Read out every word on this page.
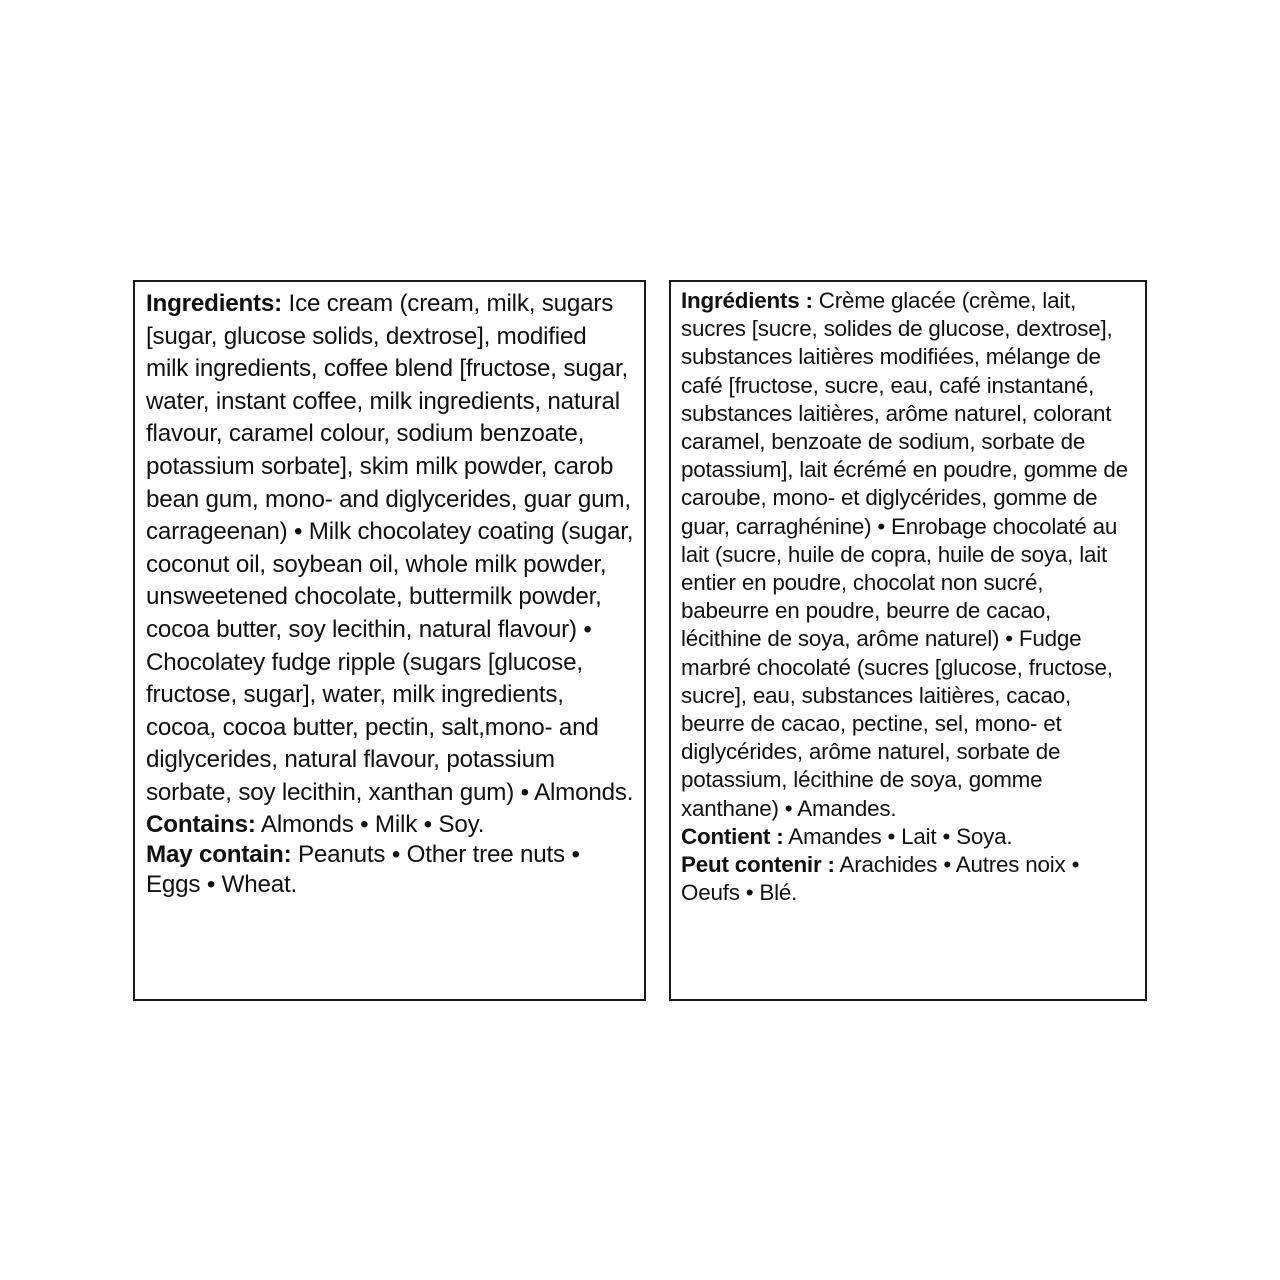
Ingredients: Ice cream (cream, milk, sugars [sugar, glucose solids, dextrose], modified milk ingredients, coffee blend [fructose, sugar, water, instant coffee, milk ingredients, natural flavour, caramel colour, sodium benzoate, potassium sorbate], skim milk powder, carob bean gum, mono- and diglycerides, guar gum, carrageenan) • Milk chocolatey coating (sugar, coconut oil, soybean oil, whole milk powder, unsweetened chocolate, buttermilk powder, cocoa butter, soy lecithin, natural flavour) • Chocolatey fudge ripple (sugars [glucose, fructose, sugar], water, milk ingredients, cocoa, cocoa butter, pectin, salt,mono- and diglycerides, natural flavour, potassium sorbate, soy lecithin, xanthan gum) • Almonds.

Contains: Almonds • Milk • Soy.

May contain: Peanuts • Other tree nuts • Eggs • Wheat.

Ingrédients : Crème glacée (crème, lait, sucres [sucre, solides de glucose, dextrose], substances laitières modifiées, mélange de café [fructose, sucre, eau, café instantané, substances laitières, arôme naturel, colorant caramel, benzoate de sodium, sorbate de potassium], lait écrémé en poudre, gomme de caroube, mono- et diglycérides, gomme de guar, carraghénine) • Enrobage chocolaté au lait (sucre, huile de copra, huile de soya, lait entier en poudre, chocolat non sucré, babeurre en poudre, beurre de cacao, lécithine de soya, arôme naturel) • Fudge marbré chocolaté (sucres [glucose, fructose, sucre], eau, substances laitières, cacao, beurre de cacao, pectine, sel, mono- et diglycérides, arôme naturel, sorbate de potassium, lécithine de soya, gomme xanthane) • Amandes.

Contient : Amandes • Lait • Soya.

Peut contenir : Arachides • Autres noix • Oeufs • Blé.
